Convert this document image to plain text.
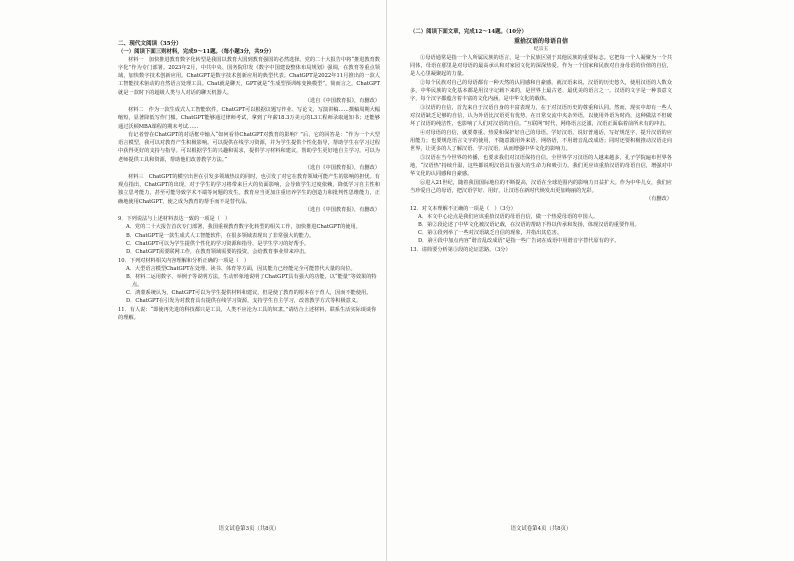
二、现代文阅读（35分）
（一）阅读下面三则材料，完成9～11题。（每小题3分，共9分）

材料一　加快推进教育数字化转型是我国以教育大国到教育强国的必然选择。党的二十大报告中将“推进教育数字化”作为专门部署。2023年2月，中共中央、国务院印发《数字中国建设整体布局规划》强调，在教育等重点领域，加快数字技术创新应用。ChatGPT是数字技术创新应用的典型代表。ChatGPT是2022年11月推出的一款人工智能技术驱动的自然语言处理工具。Chat就是聊天，GPT就是“生成型预训练变换模型”。简而言之，ChatGPT就是一款时下的超级人类与人对话的聊天机器人。

（选自《中国教育报》，有删改）

材料二　作为一款生成式人工智能软件，ChatGPT可以根据议题写作业、写论文、写演讲稿……撰稿周期大幅缩短，显著降低写作门槛。ChatGPT能够通过律师考试，拿到了年薪18.3万美元的L3工程师录取通知书；还能够通过沃顿MBA课程的期末考试……

有记者曾在ChatGPT的对话框中输入“如何看待ChatGPT对教育的影响？”后，它的回答是：“作为一个大型语言模型，我可以对教育产生积极影响。可以提供在线学习资源，并为学生提供个性化指导，帮助学生在学习过程中获得更好的支持与指导。可以根据学生的兴趣和需求，提供学习材料和建议，帮助学生更好地自主学习。可以为老师提供工具和资源，帮助他们改善教学方法。”

（选自《中国教育报》，有删改）

材料三　ChatGPT的横空出世在引发多领域热议的同时，也引发了对它在教育领域可能产生的影响的担忧。有观点指出，ChatGPT的出现，对于学生的学习将带来巨大的负面影响，会导致学生过度依赖，降低学习自主性和独立思考能力，甚至可能导致学术不端等问题的发生。教育应当更加注重培养学生的创造力和批判性思维能力，正确地使用ChatGPT，使之成为教育的帮手而不是替代品。

（选自《中国教育报》，有删改）

9．下列说法与上述材料表达一致的一项是（　）

A．党的二十大报告首次专门部署，我国重视教育数字化转型的相关工作，加快推进ChatGPT的使用。

B．ChatGPT是一款生成式人工智能软件，在很多领域表现出了非常强大的能力。

C．ChatGPT可以为学生提供个性化的学习资源和指导，是学生学习的好帮手。

D．ChatGPT需要联网工作，在教育领域需要的投资，会给教育事业带来冲击。

10．下列对材料相关内容理解和分析正确的一项是（　）

A．大型语言模型ChatGPT在处理、读书、体育等方面，因其能力已经能完全可能替代大量的岗位。

B．材料二运用数字、举例子等说明方法，生动形象地说明了ChatGPT具有强大的功能，以“能量”等效果的特点。

C．鸿蒙系统认为，ChatGPT可以为学生提供材料和建议，但是使了教育的根本在于育人，因而不能使用。

D．ChatGPT在引发为对教育具有提供在线学习资源，支持学生自主学习，改善教学方式等积极意义。

11．有人说：“即使再先进的科技都只是工具，人类不应沦为工具的奴隶。”请结合上述材料，联系生活实际谈谈你的理解。

语文试卷第3页（共8页）
（二）阅读下面文章，完成12～14题。（10分）
重拾汉语的母语自信
纪宗玉

①母语通常是指一个人所属民族的语言，是一个民族区别于其他民族的重要标志。它把每一个人凝聚为一个共同体，母语在那里是对母语的最高承认和对家园文化的深深热爱。作为一个国家和民族对自身母语的价值的自信，是人心里凝聚起的力量。

②每个民族对自己的母语都有一种天然的认同感和自豪感。就汉语来说，汉语的历史悠久，使用汉语的人数众多，中华民族的文化基本都是用汉字记载下来的，是世界上最古老、最优美的语言之一。汉语的文字是一种表意文字，每个汉字都蕴含着丰富的文化内涵，是中华文化的载体。

③汉语的自信，首先来自于汉语自身的丰富表现力，在于对汉语历史的尊重和认同。然而，现实中却有一些人对汉语缺乏足够的自信，认为外语比汉语更有优势，在日常交流中夹杂外语，以使用外语为时尚，这种做法不但破坏了汉语的纯洁性，也影响了人们对汉语的自信。“互联网”时代，网络语言泛滥，汉语正面临着前所未有的冲击。

④对母语的自信，就要尊重、热爱和保护好自己的母语。学好汉语，说好普通话，写好规范字，提升汉语的应用能力；也要规范语言文字的使用，不随意滥用外来语、网络语，不用谐音乱改成语；同时还要积极推动汉语走向世界，让更多的人了解汉语、学习汉语，从而增强中华文化的影响力。

⑤汉语在当今世界的传播，也要求我们对汉语保持自信。全世界学习汉语的人越来越多，孔子学院遍布世界各地，“汉语热”持续升温，这些都说明汉语具有强大的生命力和吸引力。我们更应该重拾汉语的母语自信，增强对中华文化的认同感和自豪感。

⑥进入21世纪，随着我国国际地位的不断提高，汉语在全球范围内的影响力日益扩大。作为中华儿女，我们应当珍爱自己的母语，把汉语学好、用好，让汉语在新时代焕发出更加绚丽的光彩。

（有删改）

12．对文本理解不正确的一项是（　）（3分）

A．本文中心论点是我们应该重拾汉语的母语自信，做一个热爱母语的中国人。

B．第②段论述了中华文化被汉语记载，在汉语的帮助下得以传承和发扬，体现汉语的重要作用。

C．第③段列举了一些对汉语缺乏自信的现象，并指出其危害。

D．第④段中加点内容“谐音乱改成语”是指一些广告词在成语中用谐音字替代原有的字。

13．请简要分析第③段的论证思路。（3分）

语文试卷第4页（共8页）
